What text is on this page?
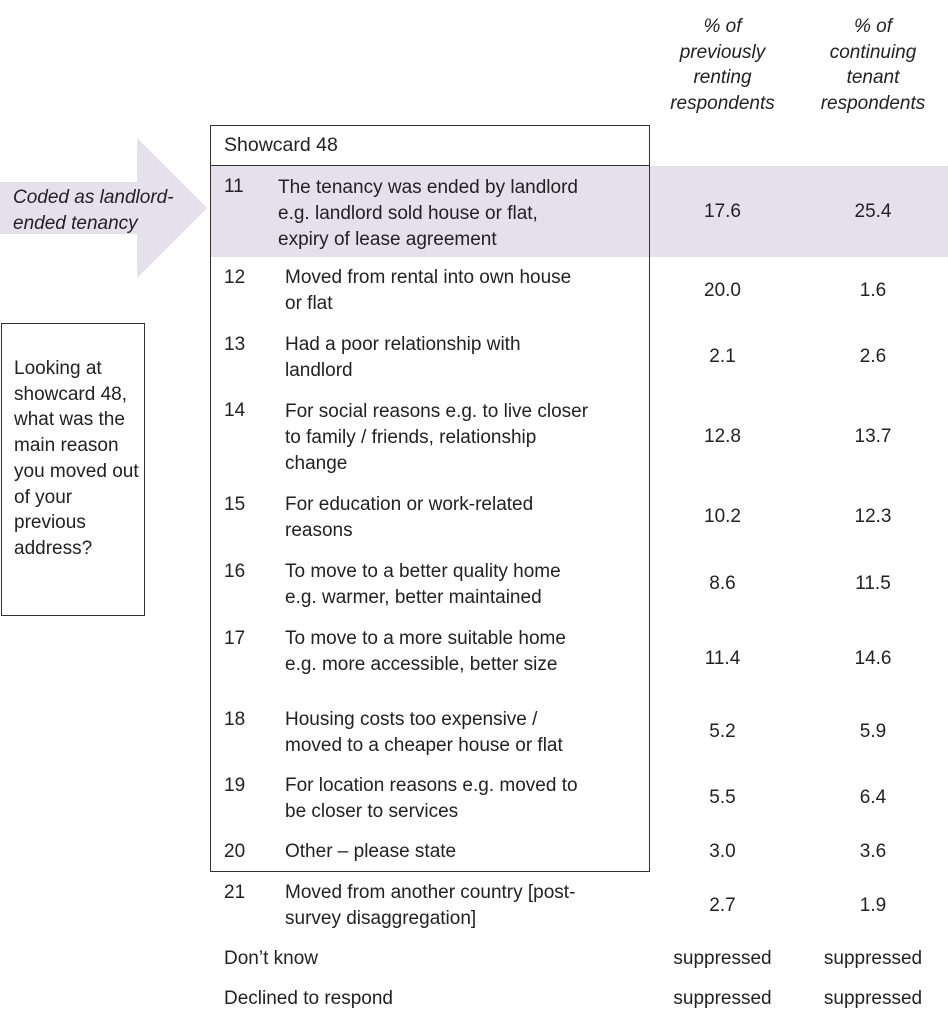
% of
previously
renting
respondents
% of
continuing
tenant
respondents
Coded as landlord-
ended tenancy
Looking at showcard 48, what was the main reason you moved out of your previous address?
Showcard 48
11 The tenancy was ended by landlord
e.g. landlord sold house or flat,
expiry of lease agreement
17.6	25.4
12 Moved from rental into own house
or flat
20.0	1.6
13 Had a poor relationship with
landlord
2.1	2.6
14 For social reasons e.g. to live closer
to family / friends, relationship
change
12.8	13.7
15 For education or work-related
reasons
10.2	12.3
16 To move to a better quality home
e.g. warmer, better maintained
8.6	11.5
17 To move to a more suitable home
e.g. more accessible, better size	11.4	14.6
18 Housing costs too expensive /
moved to a cheaper house or flat
5.2	5.9
19 For location reasons e.g. moved to
be closer to services
5.5	6.4
20 Other – please state	3.0	3.6
21 Moved from another country [post-
survey disaggregation]
2.7	1.9
Don’t know	suppressed	suppressed
Declined to respond	suppressed	suppressed
